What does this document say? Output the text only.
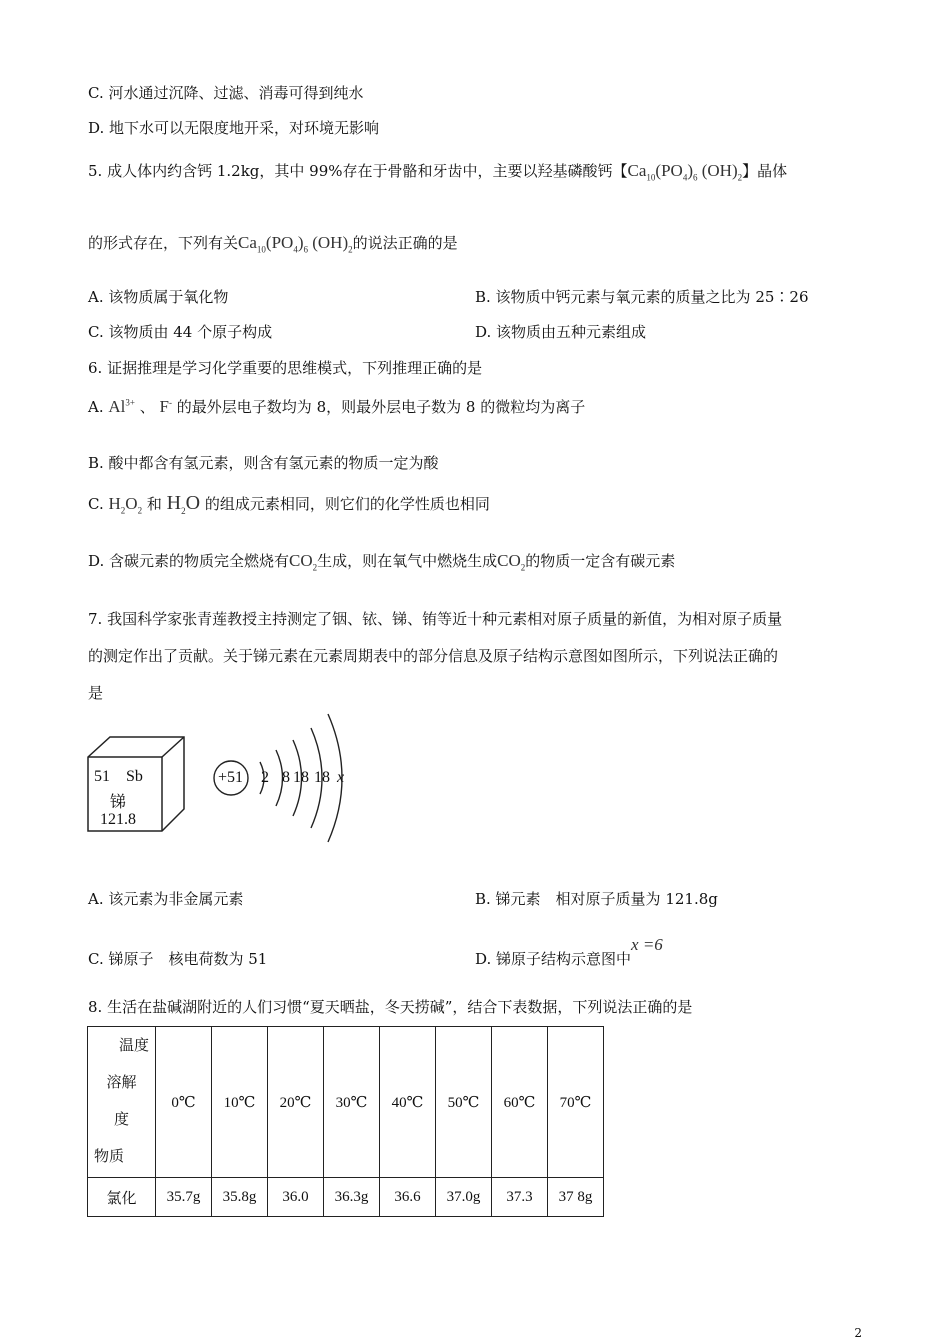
C. 河水通过沉降、过滤、消毒可得到纯水
D. 地下水可以无限度地开采，对环境无影响
5. 成人体内约含钙 1.2kg，其中 99%存在于骨骼和牙齿中，主要以羟基磷酸钙【$Ca_{10}(PO_4)_6$ $(OH)_2$】晶体
的形式存在，下列有关$Ca_{10}(PO_4)_6$ $(OH)_2$的说法正确的是
A. 该物质属于氧化物	B. 该物质中钙元素与氧元素的质量之比为 25∶26
C. 该物质由 44 个原子构成	D. 该物质由五种元素组成
6. 证据推理是学习化学重要的思维模式，下列推理正确的是
A. $Al^{3+}$ 、 F- 的最外层电子数均为 8，则最外层电子数为 8 的微粒均为离子
B. 酸中都含有氢元素，则含有氢元素的物质一定为酸
C. $H_2O_2$ 和 $H_2O$ 的组成元素相同，则它们的化学性质也相同
D. 含碳元素的物质完全燃烧有$CO_2$生成，则在氧气中燃烧生成$CO_2$的物质一定含有碳元素
7. 我国科学家张青莲教授主持测定了铟、铱、锑、铕等近十种元素相对原子质量的新值，为相对原子质量
的测定作出了贡献。关于锑元素在元素周期表中的部分信息及原子结构示意图如图所示，下列说法正确的
是
51 Sb
锑
121.8
+51 2 8 18 18 x
A. 该元素为非金属元素	B. 锑元素　相对原子质量为 121.8g
C. 锑原子　核电荷数为 51	D. 锑原子结构示意图中x =6
8. 生活在盐碱湖附近的人们习惯“夏天晒盐，冬天捞碱”，结合下表数据，下列说法正确的是
温度
溶解
度
物质	0℃	10℃	20℃	30℃	40℃	50℃	60℃	70℃
氯化	35.7g	35.8g	36.0	36.3g	36.6	37.0g	37.3	37 8g
2
